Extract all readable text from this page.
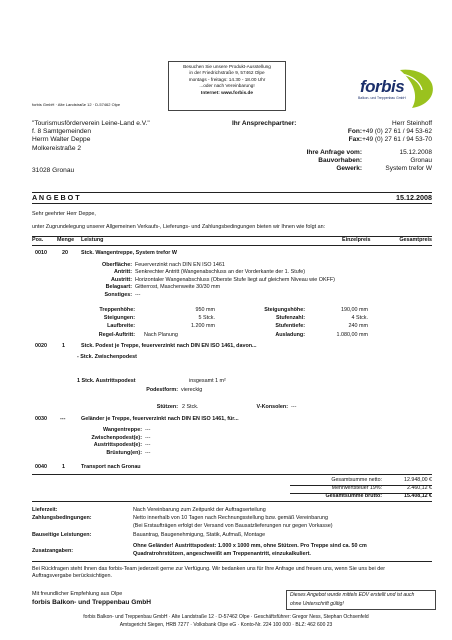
Besuchen Sie unsere Produkt-Ausstellung
in der Friedrichstraße 9, 57462 Olpe
montags - freitags: 14.30 - 18.00 Uhr
...oder nach Vereinbarung!
Internet: www.forbis.de	forbis
Balkon- und Treppenbau GmbH
forbis GmbH · Alte Landstraße 12 · D-57462 Olpe
"Tourismusförderverein Leine-Land e.V."
f. 8 Samtgemeinden
Herrn Walter Deppe
Molkereistraße 2
31028 Gronau
Ihr Ansprechpartner:	Herr Steinhoff
Fon: +49 (0) 27 61 / 94 53-62
Fax: +49 (0) 27 61 / 94 53-70
Ihre Anfrage vom:	15.12.2008
Bauvorhaben:	Gronau
Gewerk:	System trefor W
A N G E B O T	15.12.2008
Sehr geehrter Herr Deppe,
unter Zugrundelegung unserer Allgemeinen Verkaufs-, Lieferungs- und Zahlungsbedingungen bieten wir Ihnen wie folgt an:
Pos.	Menge Leistung	Einzelpreis	Gesamtpreis
0010	20 Stck. Wangentreppe, System trefor W
Oberfläche: Feuerverzinkt nach DIN EN ISO 1461
Antritt: Senkrechter Antritt (Wangenabschluss an der Vorderkante der 1. Stufe)
Austritt: Horizontaler Wangenabschluss (Oberste Stufe liegt auf gleichem Niveau wie OKFF)
Belagsart: Gitterrost, Maschenweite 30/30 mm
Sonstiges: ---
Treppenhöhe:	950 mm	Steigungshöhe:	190,00 mm
Steigungen:	5 Stck.	Stufenzahl:	4 Stck.
Laufbreite:	1.200 mm	Stufentiefe:	240 mm
Regel-Auftritt: Nach Planung	Ausladung:	1.080,00 mm
0020	1	Stck. Podest je Treppe, feuerverzinkt nach DIN EN ISO 1461, davon...
- Stck. Zwischenpodest
1 Stck. Austrittspodest	insgesamt 1 m²
Podestform: viereckig
Stützen: 2 Stck.	V-Konsolen: ---
0030 ---	Geländer je Treppe, feuerverzinkt nach DIN EN ISO 1461, für...
Wangentreppe: ---
Zwischenpodest(e): ---
Austrittspodest(e): ---
Brüstung(en): ---
0040	1	Transport nach Gronau
Gesamtsumme netto:	12.948,00 €
Mehrwertsteuer 19%:	2.460,12 €
Gesamtsumme brutto:	15.408,12 €
Lieferzeit:	Nach Vereinbarung zum Zeitpunkt der Auftragserteilung
Zahlungsbedingungen:	Netto innerhalb von 10 Tagen nach Rechnungsstellung bzw. gemäß Vereinbarung
(Bei Erstaufträgen erfolgt der Versand von Bausatzlieferungen nur gegen Vorkasse)
Bauseitige Leistungen:	Bauantrag, Baugenehmigung, Statik, Aufmaß, Montage
Zusatzangaben:
Ohne Geländer! Austrittspodest: 1.000 x 1000 mm, ohne Stützen. Pro Treppe sind ca. 50 cm
Quadratrohrstützen, angeschweißt am Treppenantritt, einzukalkuliert.
Bei Rückfragen steht Ihnen das forbis-Team jederzeit gerne zur Verfügung. Wir bedanken uns für Ihre Anfrage und freuen uns, wenn Sie uns bei der
Auftragsvergabe berücksichtigen.
Mit freundlicher Empfehlung aus Olpe
forbis Balkon- und Treppenbau GmbH
Dieses Angebot wurde mittels EDV erstellt und ist auch
ohne Unterschrift gültig!
forbis Balkon- und Treppenbau GmbH · Alte Landstraße 12 · D-57462 Olpe · Geschäftsführer: Gregor Ness, Stephan Ochsenfeld
Amtsgericht Siegen, HRB 7277 · Volksbank Olpe eG · Konto-Nr. 224 100 000 · BLZ: 462 600 23
